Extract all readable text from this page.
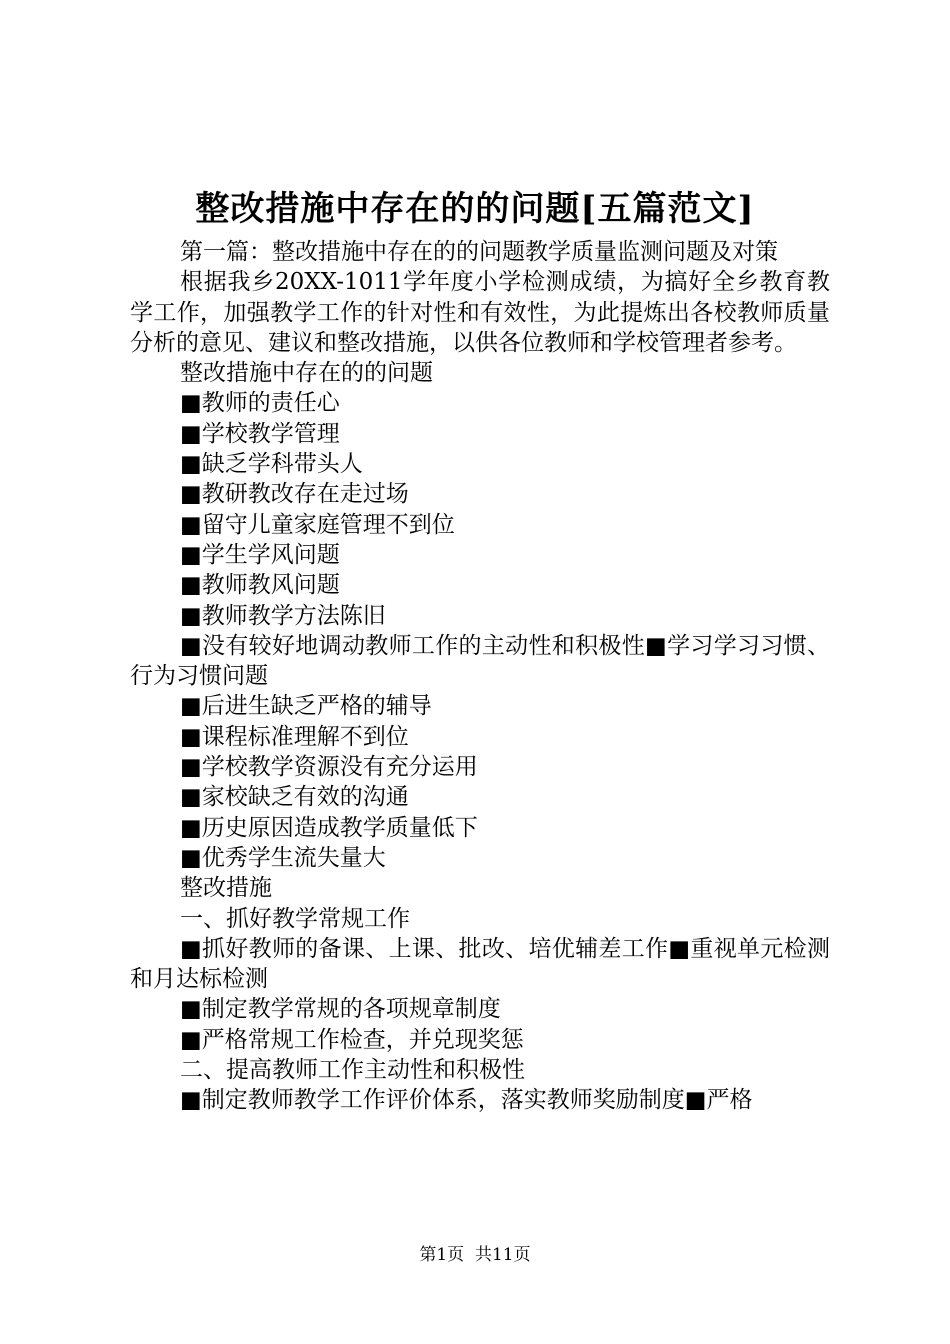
整改措施中存在的的问题[五篇范文]

第一篇：整改措施中存在的的问题教学质量监测问题及对策

根据我乡20XX-1011学年度小学检测成绩，为搞好全乡教育教学工作，加强教学工作的针对性和有效性，为此提炼出各校教师质量分析的意见、建议和整改措施，以供各位教师和学校管理者参考。

整改措施中存在的的问题

■教师的责任心

■学校教学管理

■缺乏学科带头人

■教研教改存在走过场

■留守儿童家庭管理不到位

■学生学风问题

■教师教风问题

■教师教学方法陈旧

■没有较好地调动教师工作的主动性和积极性■学习学习习惯、行为习惯问题

■后进生缺乏严格的辅导

■课程标准理解不到位

■学校教学资源没有充分运用

■家校缺乏有效的沟通

■历史原因造成教学质量低下

■优秀学生流失量大

整改措施

一、抓好教学常规工作

■抓好教师的备课、上课、批改、培优辅差工作■重视单元检测和月达标检测

■制定教学常规的各项规章制度

■严格常规工作检查，并兑现奖惩

二、提高教师工作主动性和积极性

■制定教师教学工作评价体系，落实教师奖励制度■严格

第1页  共11页
